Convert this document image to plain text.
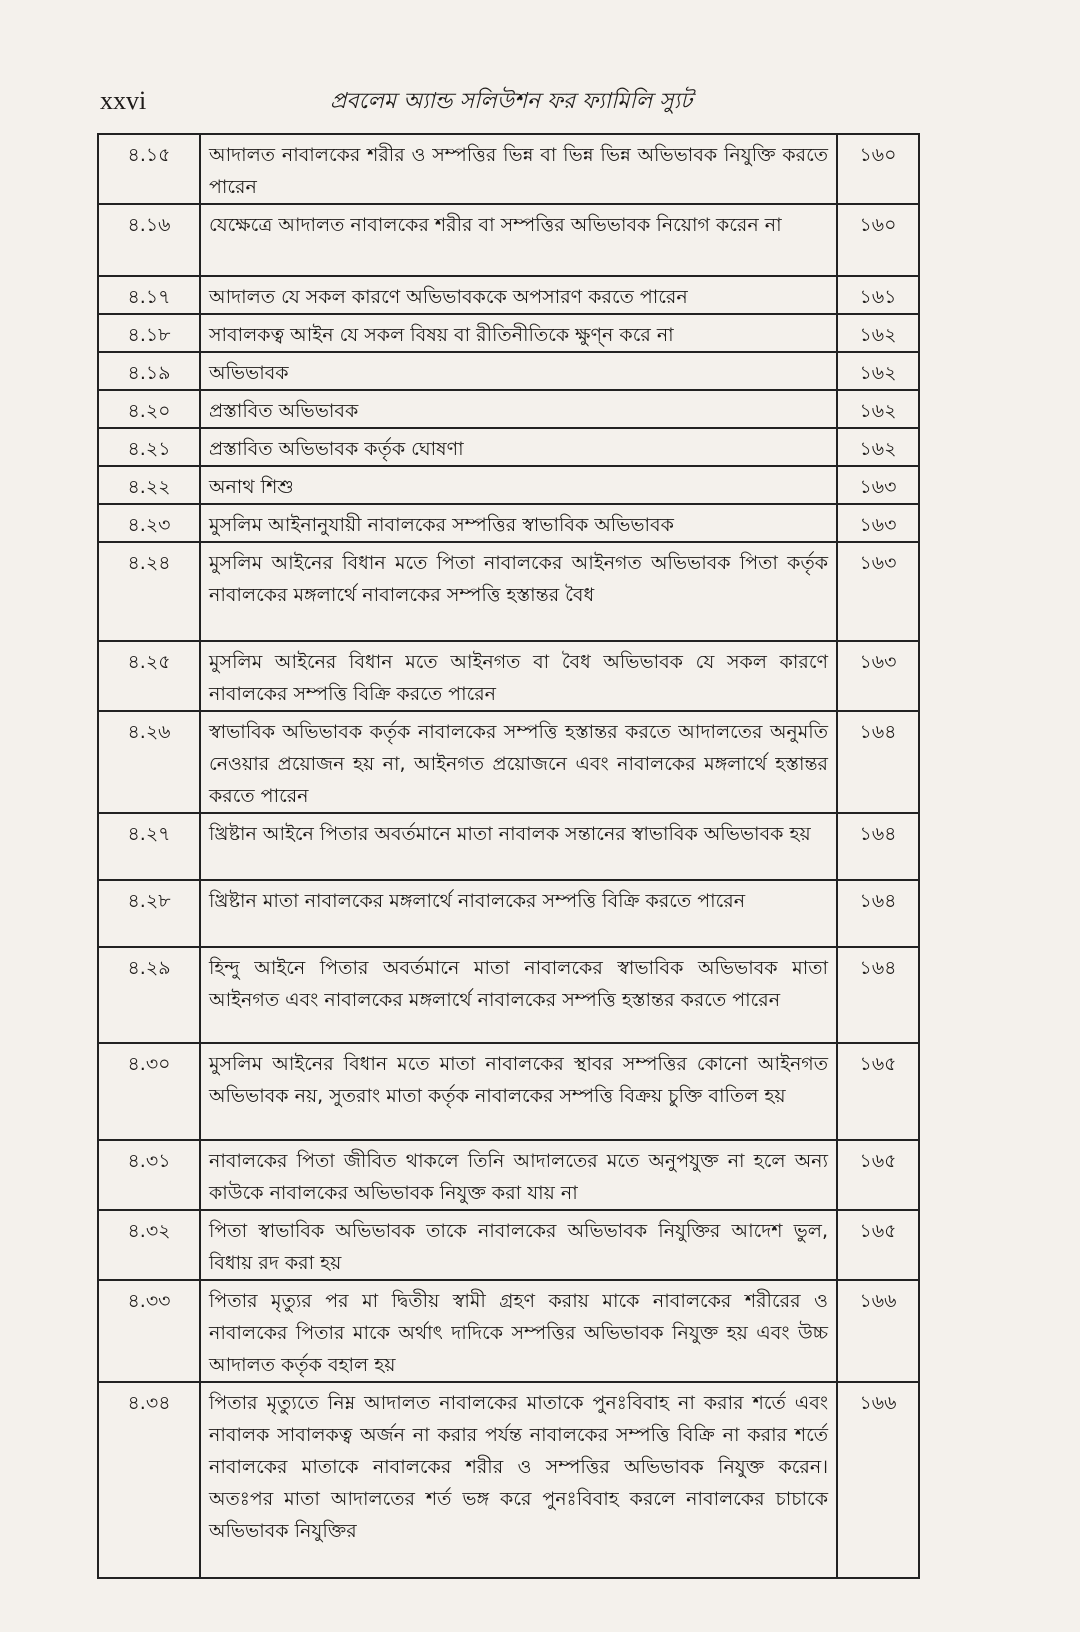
xxvi	প্রবলেম অ্যান্ড সলিউশন ফর ফ্যামিলি স্যুট
৪.১৫	আদালত নাবালকের শরীর ও সম্পত্তির ভিন্ন বা ভিন্ন ভিন্ন অভিভাবক নিযুক্তি করতে পারেন	১৬০
৪.১৬	যেক্ষেত্রে আদালত নাবালকের শরীর বা সম্পত্তির অভিভাবক নিয়োগ করেন না	১৬০
৪.১৭	আদালত যে সকল কারণে অভিভাবককে অপসারণ করতে পারেন	১৬১
৪.১৮	সাবালকত্ব আইন যে সকল বিষয় বা রীতিনীতিকে ক্ষুণ্ন করে না	১৬২
৪.১৯	অভিভাবক	১৬২
৪.২০	প্রস্তাবিত অভিভাবক	১৬২
৪.২১	প্রস্তাবিত অভিভাবক কর্তৃক ঘোষণা	১৬২
৪.২২	অনাথ শিশু	১৬৩
৪.২৩	মুসলিম আইনানুযায়ী নাবালকের সম্পত্তির স্বাভাবিক অভিভাবক	১৬৩
৪.২৪	মুসলিম আইনের বিধান মতে পিতা নাবালকের আইনগত অভিভাবক পিতা কর্তৃক নাবালকের মঙ্গলার্থে নাবালকের সম্পত্তি হস্তান্তর বৈধ	১৬৩
৪.২৫	মুসলিম আইনের বিধান মতে আইনগত বা বৈধ অভিভাবক যে সকল কারণে নাবালকের সম্পত্তি বিক্রি করতে পারেন	১৬৩
৪.২৬	স্বাভাবিক অভিভাবক কর্তৃক নাবালকের সম্পত্তি হস্তান্তর করতে আদালতের অনুমতি নেওয়ার প্রয়োজন হয় না, আইনগত প্রয়োজনে এবং নাবালকের মঙ্গলার্থে হস্তান্তর করতে পারেন	১৬৪
৪.২৭	খ্রিষ্টান আইনে পিতার অবর্তমানে মাতা নাবালক সন্তানের স্বাভাবিক অভিভাবক হয়	১৬৪
৪.২৮	খ্রিষ্টান মাতা নাবালকের মঙ্গলার্থে নাবালকের সম্পত্তি বিক্রি করতে পারেন	১৬৪
৪.২৯	হিন্দু আইনে পিতার অবর্তমানে মাতা নাবালকের স্বাভাবিক অভিভাবক মাতা আইনগত এবং নাবালকের মঙ্গলার্থে নাবালকের সম্পত্তি হস্তান্তর করতে পারেন	১৬৪
৪.৩০	মুসলিম আইনের বিধান মতে মাতা নাবালকের স্থাবর সম্পত্তির কোনো আইনগত অভিভাবক নয়, সুতরাং মাতা কর্তৃক নাবালকের সম্পত্তি বিক্রয় চুক্তি বাতিল হয়	১৬৫
৪.৩১	নাবালকের পিতা জীবিত থাকলে তিনি আদালতের মতে অনুপযুক্ত না হলে অন্য কাউকে নাবালকের অভিভাবক নিযুক্ত করা যায় না	১৬৫
৪.৩২	পিতা স্বাভাবিক অভিভাবক তাকে নাবালকের অভিভাবক নিযুক্তির আদেশ ভুল, বিধায় রদ করা হয়	১৬৫
৪.৩৩	পিতার মৃত্যুর পর মা দ্বিতীয় স্বামী গ্রহণ করায় মাকে নাবালকের শরীরের ও নাবালকের পিতার মাকে অর্থাৎ দাদিকে সম্পত্তির অভিভাবক নিযুক্ত হয় এবং উচ্চ আদালত কর্তৃক বহাল হয়	১৬৬
৪.৩৪	পিতার মৃত্যুতে নিম্ন আদালত নাবালকের মাতাকে পুনঃবিবাহ না করার শর্তে এবং নাবালক সাবালকত্ব অর্জন না করার পর্যন্ত নাবালকের সম্পত্তি বিক্রি না করার শর্তে নাবালকের মাতাকে নাবালকের শরীর ও সম্পত্তির অভিভাবক নিযুক্ত করেন। অতঃপর মাতা আদালতের শর্ত ভঙ্গ করে পুনঃবিবাহ করলে নাবালকের চাচাকে অভিভাবক নিযুক্তির	১৬৬
